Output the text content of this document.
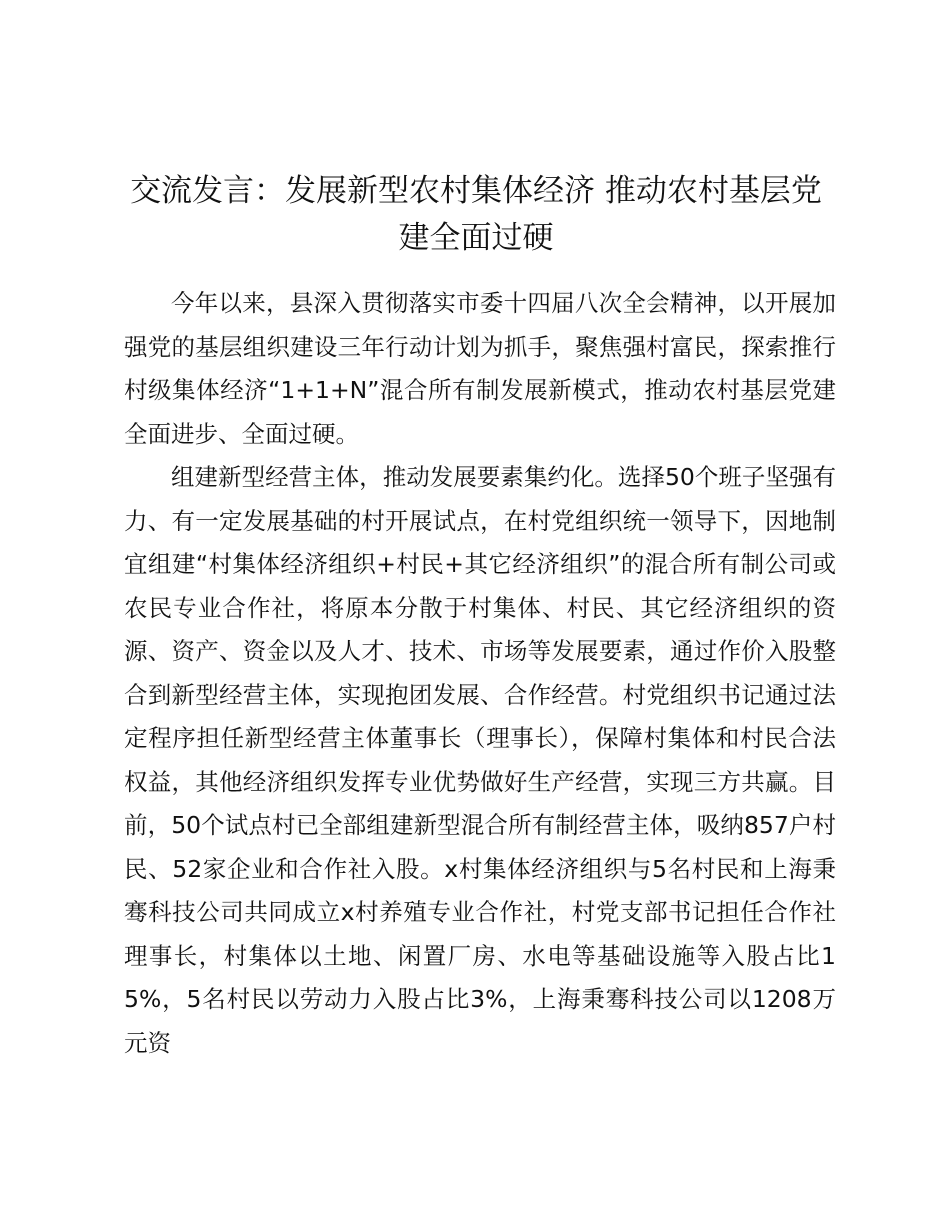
交流发言：发展新型农村集体经济 推动农村基层党建全面过硬

今年以来，县深入贯彻落实市委十四届八次全会精神，以开展加强党的基层组织建设三年行动计划为抓手，聚焦强村富民，探索推行村级集体经济“1+1+N”混合所有制发展新模式，推动农村基层党建全面进步、全面过硬。

组建新型经营主体，推动发展要素集约化。选择50个班子坚强有力、有一定发展基础的村开展试点，在村党组织统一领导下，因地制宜组建“村集体经济组织+村民+其它经济组织”的混合所有制公司或农民专业合作社，将原本分散于村集体、村民、其它经济组织的资源、资产、资金以及人才、技术、市场等发展要素，通过作价入股整合到新型经营主体，实现抱团发展、合作经营。村党组织书记通过法定程序担任新型经营主体董事长（理事长），保障村集体和村民合法权益，其他经济组织发挥专业优势做好生产经营，实现三方共赢。目前，50个试点村已全部组建新型混合所有制经营主体，吸纳857户村民、52家企业和合作社入股。x村集体经济组织与5名村民和上海秉骞科技公司共同成立x村养殖专业合作社，村党支部书记担任合作社理事长，村集体以土地、闲置厂房、水电等基础设施等入股占比15%，5名村民以劳动力入股占比3%，上海秉骞科技公司以1208万元资
